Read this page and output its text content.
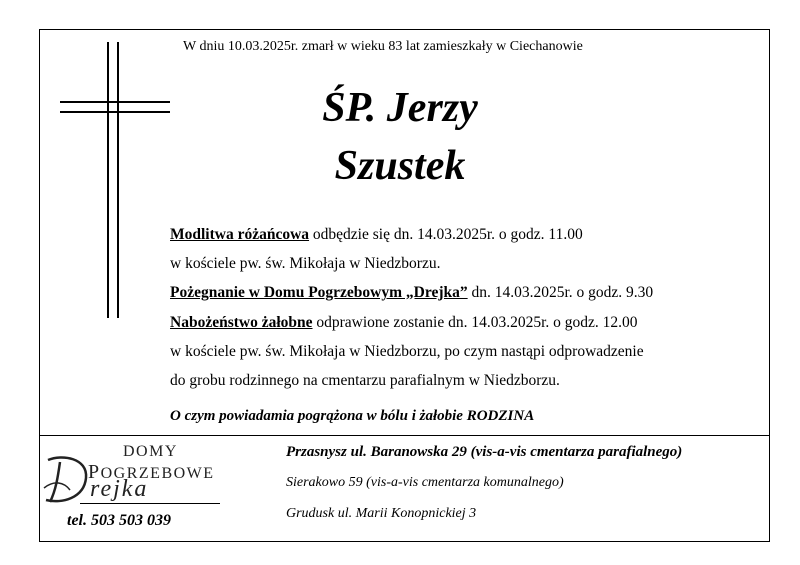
W dniu 10.03.2025r. zmarł w wieku 83 lat zamieszkały w Ciechanowie
ŚP. Jerzy
Szustek
Modlitwa różańcowa odbędzie się dn. 14.03.2025r. o godz. 11.00
w kościele pw. św. Mikołaja w Niedzborzu.
Pożegnanie w Domu Pogrzebowym „Drejka” dn. 14.03.2025r. o godz. 9.30
Nabożeństwo żałobne odprawione zostanie dn. 14.03.2025r. o godz. 12.00
w kościele pw. św. Mikołaja w Niedzborzu, po czym nastąpi odprowadzenie
do grobu rodzinnego na cmentarzu parafialnym w Niedzborzu.
O czym powiadamia pogrążona w bólu i żałobie RODZINA
DOMY
POGRZEBOWE
rejka
tel. 503 503 039
Przasnysz ul. Baranowska 29 (vis-a-vis cmentarza parafialnego)
Sierakowo 59 (vis-a-vis cmentarza komunalnego)
Grudusk ul. Marii Konopnickiej 3
